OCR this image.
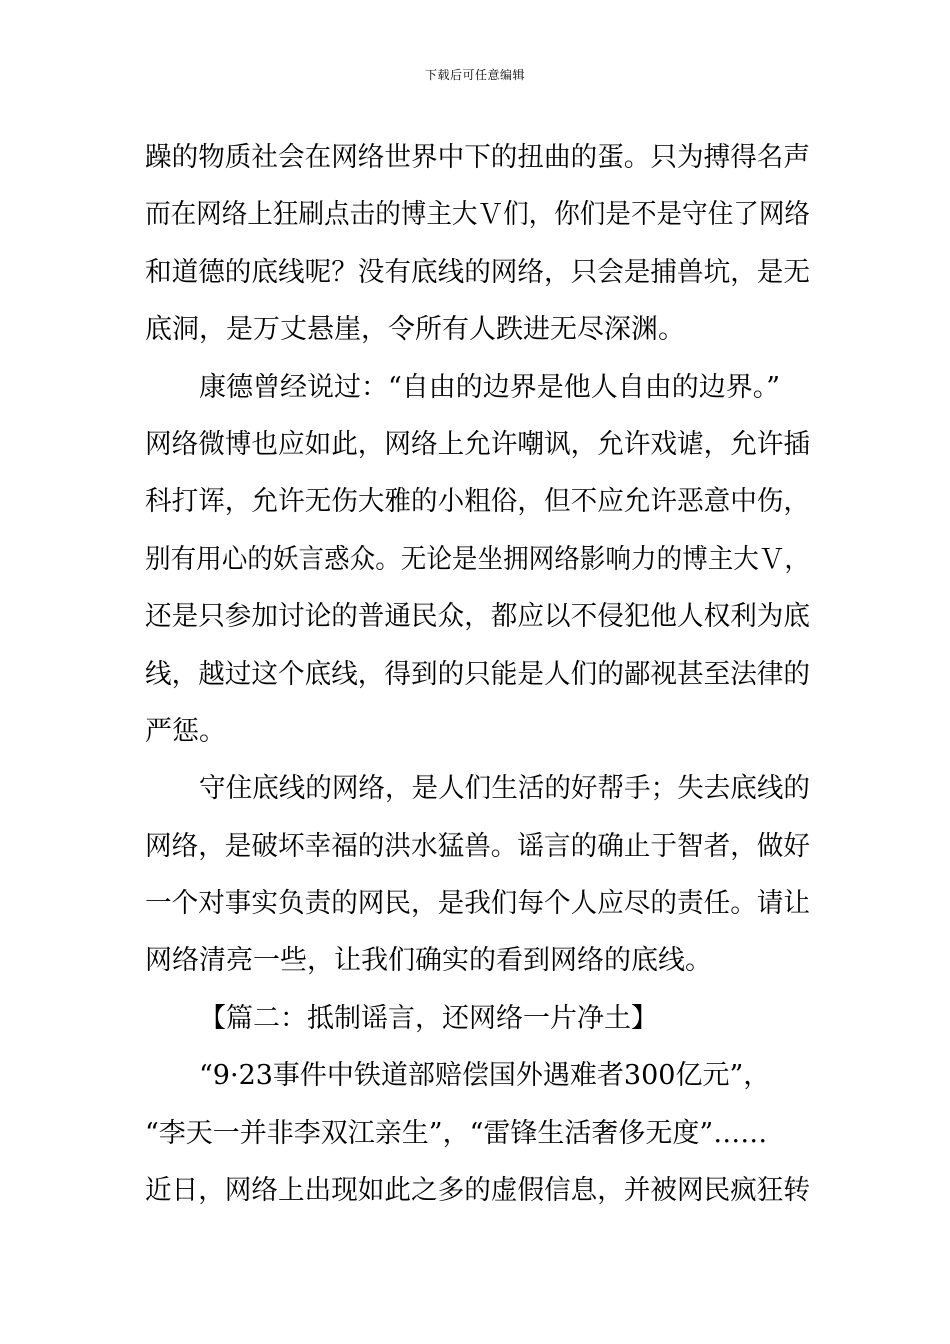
下载后可任意编辑
躁的物质社会在网络世界中下的扭曲的蛋。只为搏得名声
而在网络上狂刷点击的博主大Ｖ们，你们是不是守住了网络
和道德的底线呢？没有底线的网络，只会是捕兽坑，是无
底洞，是万丈悬崖，令所有人跌进无尽深渊。
康德曾经说过：“自由的边界是他人自由的边界。”
网络微博也应如此，网络上允许嘲讽，允许戏谑，允许插
科打诨，允许无伤大雅的小粗俗，但不应允许恶意中伤，
别有用心的妖言惑众。无论是坐拥网络影响力的博主大Ｖ，
还是只参加讨论的普通民众，都应以不侵犯他人权利为底
线，越过这个底线，得到的只能是人们的鄙视甚至法律的
严惩。
守住底线的网络，是人们生活的好帮手；失去底线的
网络，是破坏幸福的洪水猛兽。谣言的确止于智者，做好
一个对事实负责的网民，是我们每个人应尽的责任。请让
网络清亮一些，让我们确实的看到网络的底线。
【篇二：抵制谣言，还网络一片净土】
“9·23事件中铁道部赔偿国外遇难者300亿元”，
“李天一并非李双江亲生”，“雷锋生活奢侈无度”……
近日，网络上出现如此之多的虚假信息，并被网民疯狂转
